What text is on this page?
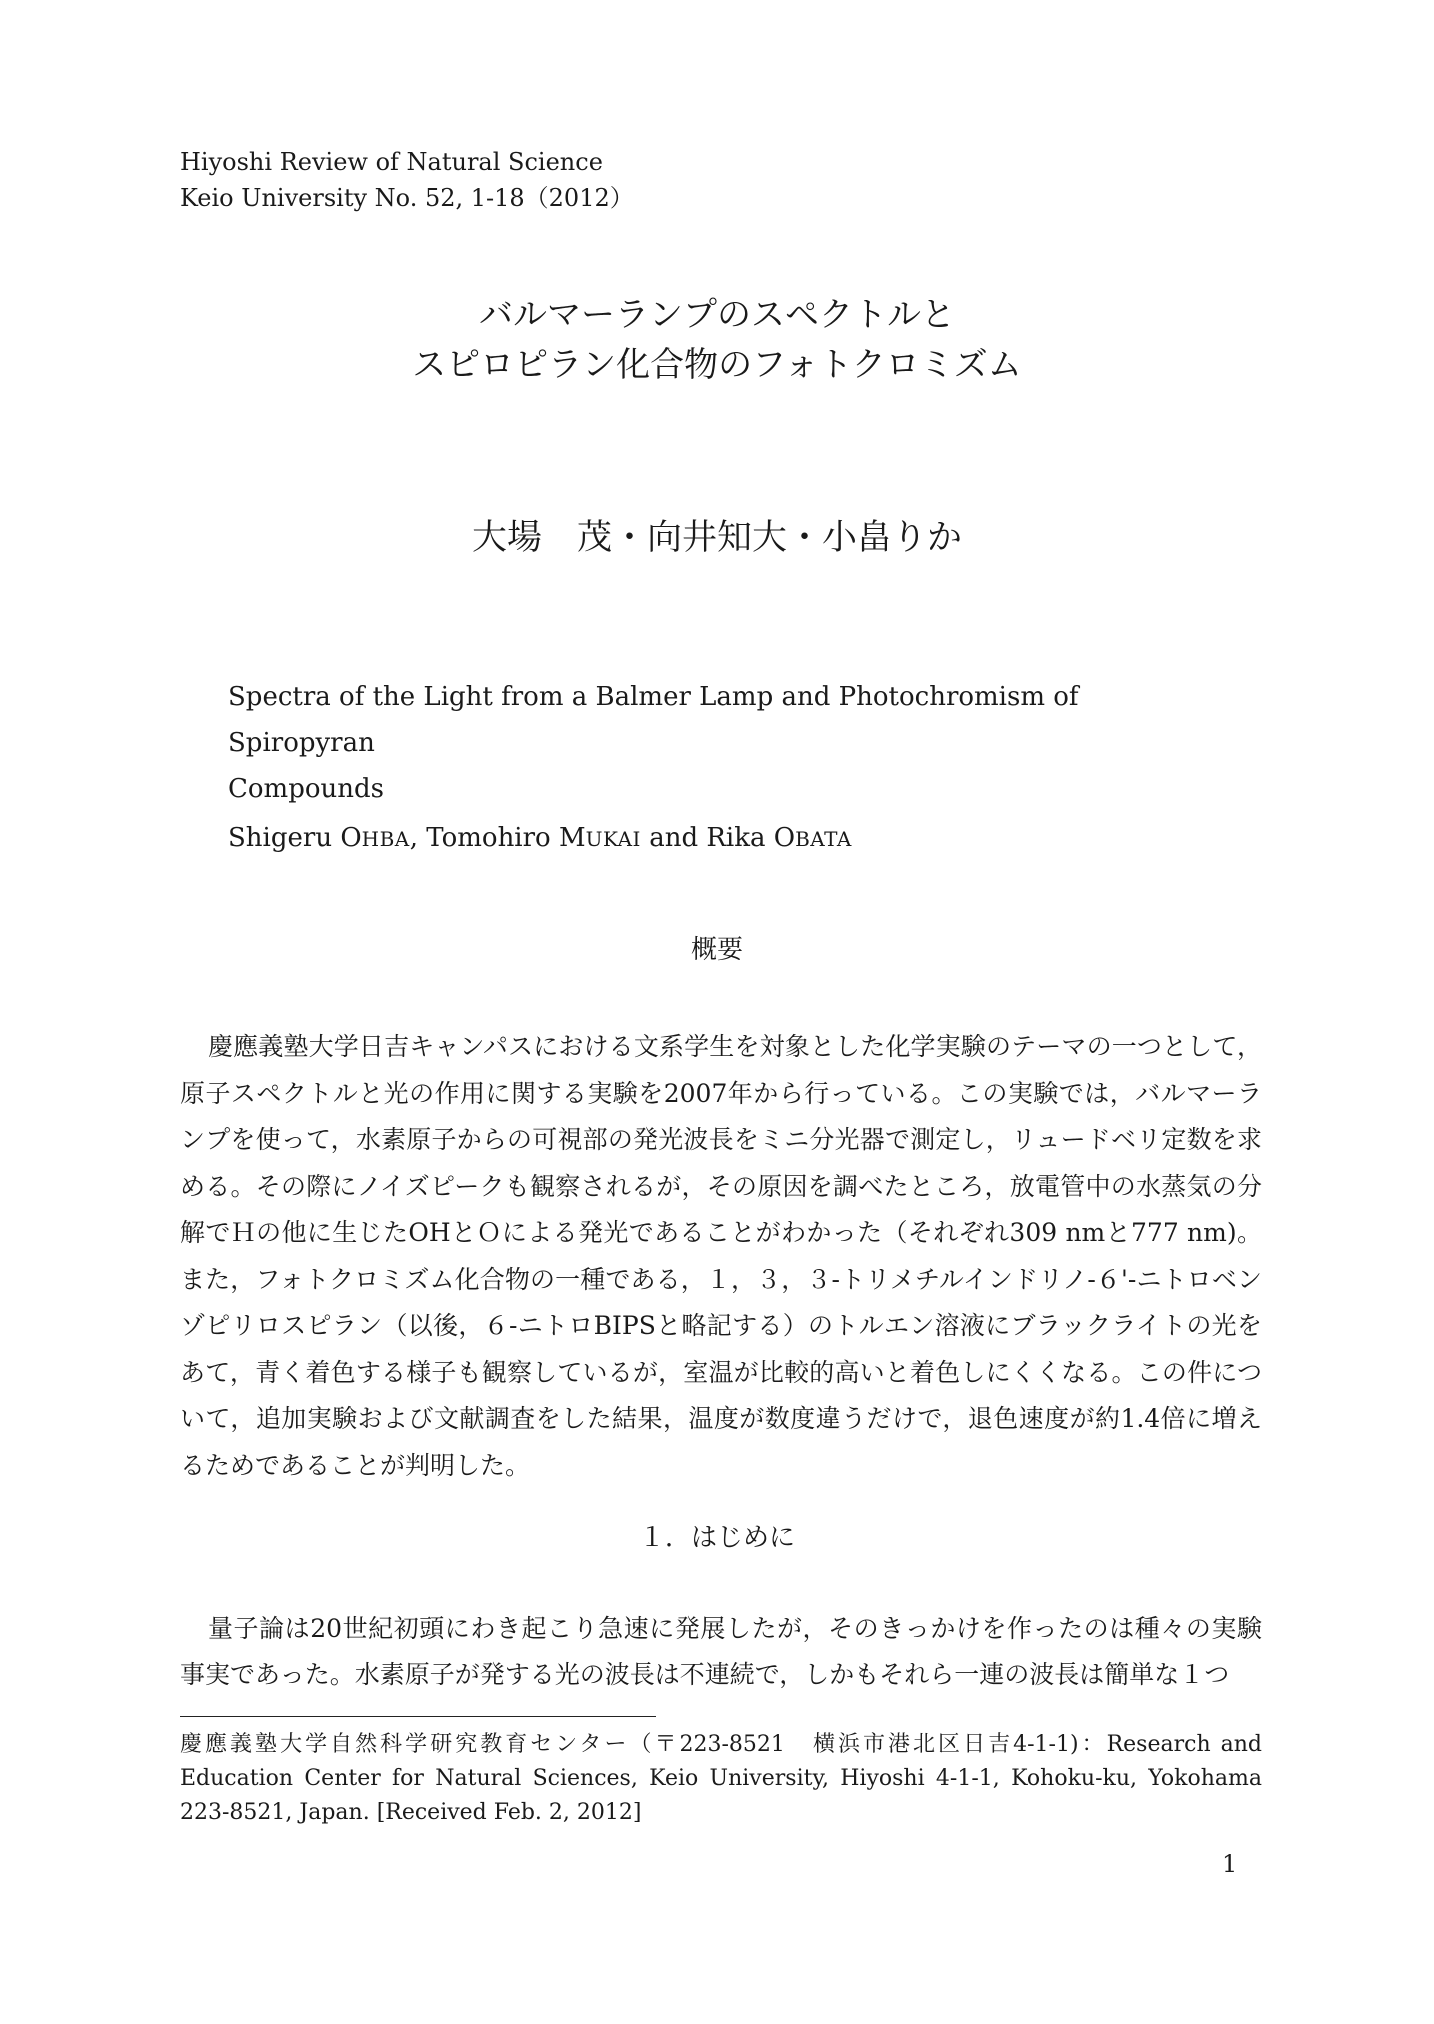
Hiyoshi Review of Natural Science
Keio University No. 52, 1-18（2012）
バルマーランプのスペクトルと
スピロピラン化合物のフォトクロミズム
大場　茂・向井知大・小畠りか
Spectra of the Light from a Balmer Lamp and Photochromism of Spiropyran
Compounds
Shigeru OHBA, Tomohiro MUKAI and Rika OBATA
概要

慶應義塾大学日吉キャンパスにおける文系学生を対象とした化学実験のテーマの一つとして，原子スペクトルと光の作用に関する実験を2007年から行っている。この実験では，バルマーランプを使って，水素原子からの可視部の発光波長をミニ分光器で測定し，リュードベリ定数を求める。その際にノイズピークも観察されるが，その原因を調べたところ，放電管中の水蒸気の分解でＨの他に生じたOHとＯによる発光であることがわかった（それぞれ309 nmと777 nm)。また，フォトクロミズム化合物の一種である，１，３，３-トリメチルインドリノ-６'-ニトロベンゾピリロスピラン（以後，６-ニトロBIPSと略記する）のトルエン溶液にブラックライトの光をあて，青く着色する様子も観察しているが，室温が比較的高いと着色しにくくなる。この件について，追加実験および文献調査をした結果，温度が数度違うだけで，退色速度が約1.4倍に増えるためであることが判明した。

１．はじめに

量子論は20世紀初頭にわき起こり急速に発展したが，そのきっかけを作ったのは種々の実験事実であった。水素原子が発する光の波長は不連続で，しかもそれら一連の波長は簡単な１つ

慶應義塾大学自然科学研究教育センター（〒223-8521　横浜市港北区日吉4-1-1)：Research and Education Center for Natural Sciences, Keio University, Hiyoshi 4-1-1, Kohoku-ku, Yokohama 223-8521, Japan. [Received Feb. 2, 2012]

1
